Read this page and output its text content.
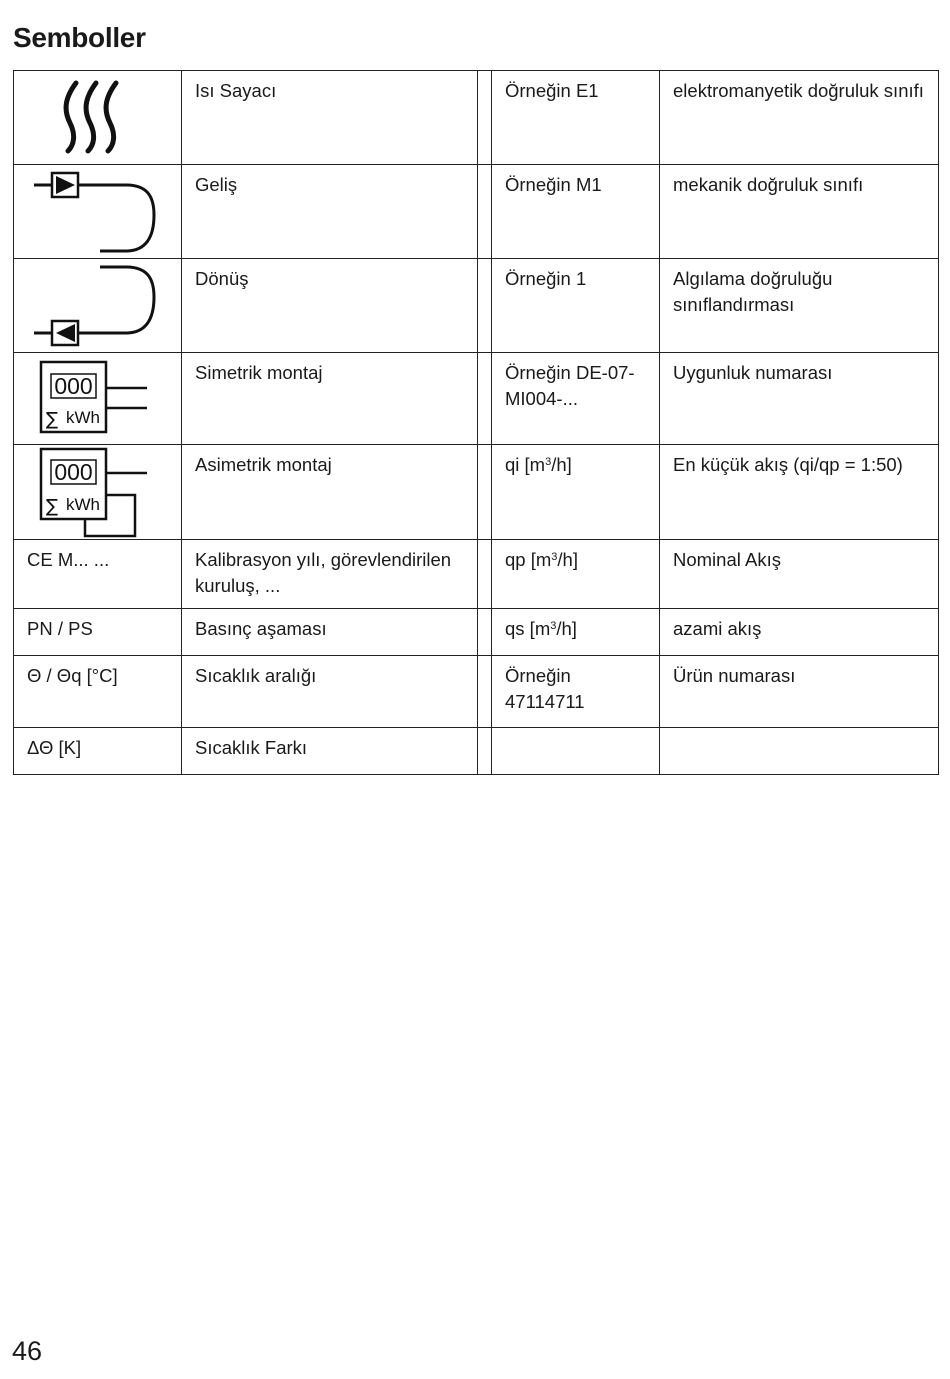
Semboller
	Isı Sayacı		Örneğin E1	elektromanyetik doğruluk sınıfı

	Geliş		Örneğin M1	mekanik doğruluk sınıfı

	Dönüş		Örneğin 1	Algılama doğruluğu sınıflandırması

000
∑ kWh	Simetrik montaj		Örneğin DE-07-MI004-...	Uygunluk numarası

000
∑ kWh	Asimetrik montaj		qi $[m^3/h]$	En küçük akış (qi/qp = 1:50)
CE M... ...	Kalibrasyon yılı, görevlendirilen kuruluş, ...		qp $[m^3/h]$	Nominal Akış
PN / PS	Basınç aşaması		qs $[m^3/h]$	azami akış
Θ / Θq [°C]	Sıcaklık aralığı		Örneğin 47114711	Ürün numarası
ΔΘ [K]	Sıcaklık Farkı			
46
